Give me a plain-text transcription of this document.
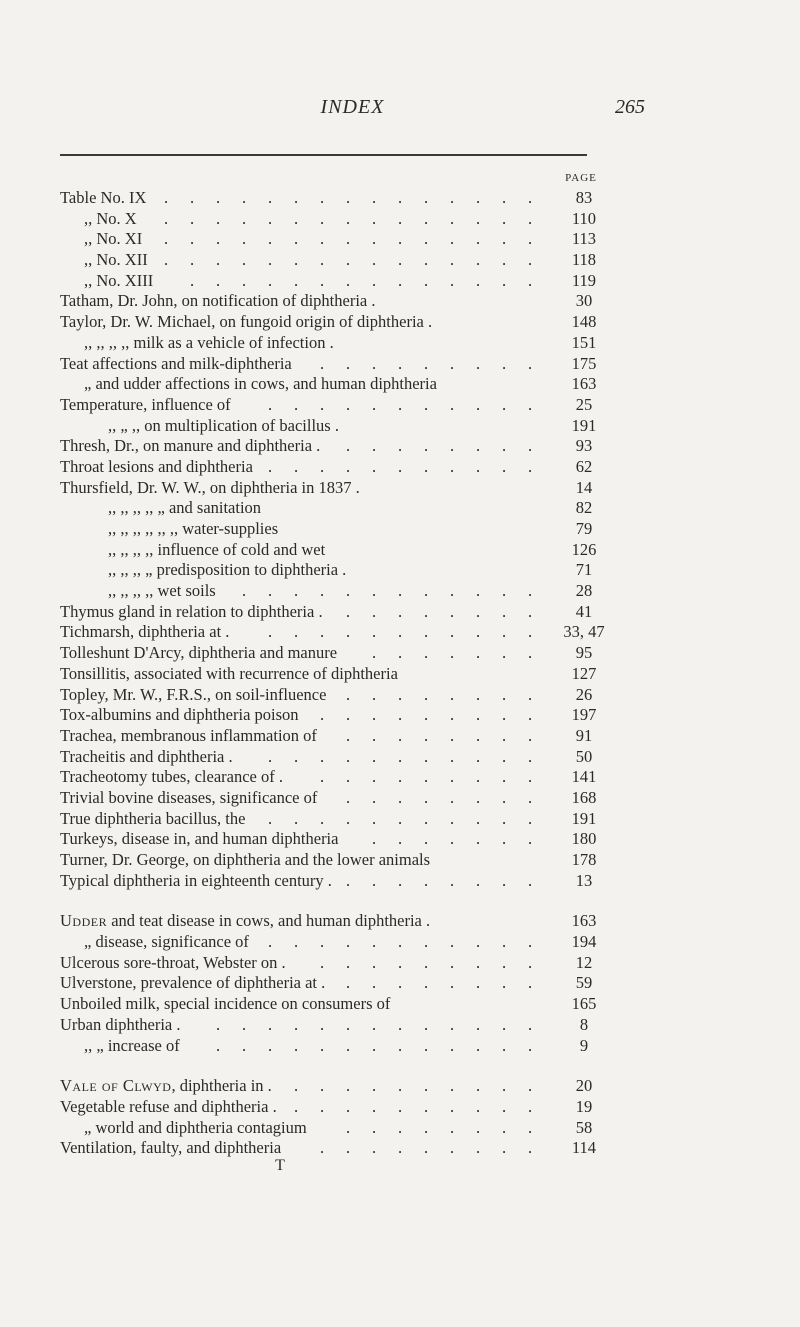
INDEX	265
PAGE
. . . . . . . . . . . . . . .
Table No. IX	83
. . . . . . . . . . . . . . .
,, No. X	110
. . . . . . . . . . . . . . .
,, No. XI	113
. . . . . . . . . . . . . . .
,, No. XII	118
. . . . . . . . . . . . . .
,, No. XIII	119
Tatham, Dr. John, on notification of diphtheria .	30
Taylor, Dr. W. Michael, on fungoid origin of diphtheria .	148
,, ,, ,, ,, milk as a vehicle of infection .	151
. . . . . . . . .
Teat affections and milk-diphtheria	175
„ and udder affections in cows, and human diphtheria	163
. . . . . . . . . . .
Temperature, influence of	25
,, „ ,, on multiplication of bacillus .	191
. . . . . . . .
Thresh, Dr., on manure and diphtheria .	93
. . . . . . . . . . .
Throat lesions and diphtheria	62
Thursfield, Dr. W. W., on diphtheria in 1837 .	14
,, ,, ,, ,, „ and sanitation	82
,, ,, ,, ,, ,, ,, water-supplies	79
,, ,, ,, ,, influence of cold and wet	126
,, ,, ,, „ predisposition to diphtheria .	71
. . . . . . . . . . . .
,, ,, ,, ,, wet soils	28
. . . . . . . .
Thymus gland in relation to diphtheria .	41
. . . . . . . . . . .
Tichmarsh, diphtheria at .	33, 47
. . . . . . .
Tolleshunt D'Arcy, diphtheria and manure	95
Tonsillitis, associated with recurrence of diphtheria	127
. . . . . . . .
Topley, Mr. W., F.R.S., on soil-influence	26
. . . . . . . . .
Tox-albumins and diphtheria poison	197
. . . . . . . .
Trachea, membranous inflammation of	91
. . . . . . . . . . .
Tracheitis and diphtheria .	50
. . . . . . . . .
Tracheotomy tubes, clearance of .	141
. . . . . . . .
Trivial bovine diseases, significance of	168
. . . . . . . . . . .
True diphtheria bacillus, the	191
. . . . . . .
Turkeys, disease in, and human diphtheria	180
Turner, Dr. George, on diphtheria and the lower animals	178
. . . . . . . .
Typical diphtheria in eighteenth century .	13
Udder and teat disease in cows, and human diphtheria .	163
. . . . . . . . . . .
„ disease, significance of	194
. . . . . . . . .
Ulcerous sore-throat, Webster on .	12
. . . . . . . .
Ulverstone, prevalence of diphtheria at .	59
Unboiled milk, special incidence on consumers of	165
. . . . . . . . . . . . .
Urban diphtheria .	8
. . . . . . . . . . . . .
,, „ increase of	9
. . . . . . . . . .
Vale of Clwyd, diphtheria in .	20
. . . . . . . . . .
Vegetable refuse and diphtheria .	19
. . . . . . . .
„ world and diphtheria contagium	58
. . . . . . . . .
Ventilation, faulty, and diphtheria	114
T
